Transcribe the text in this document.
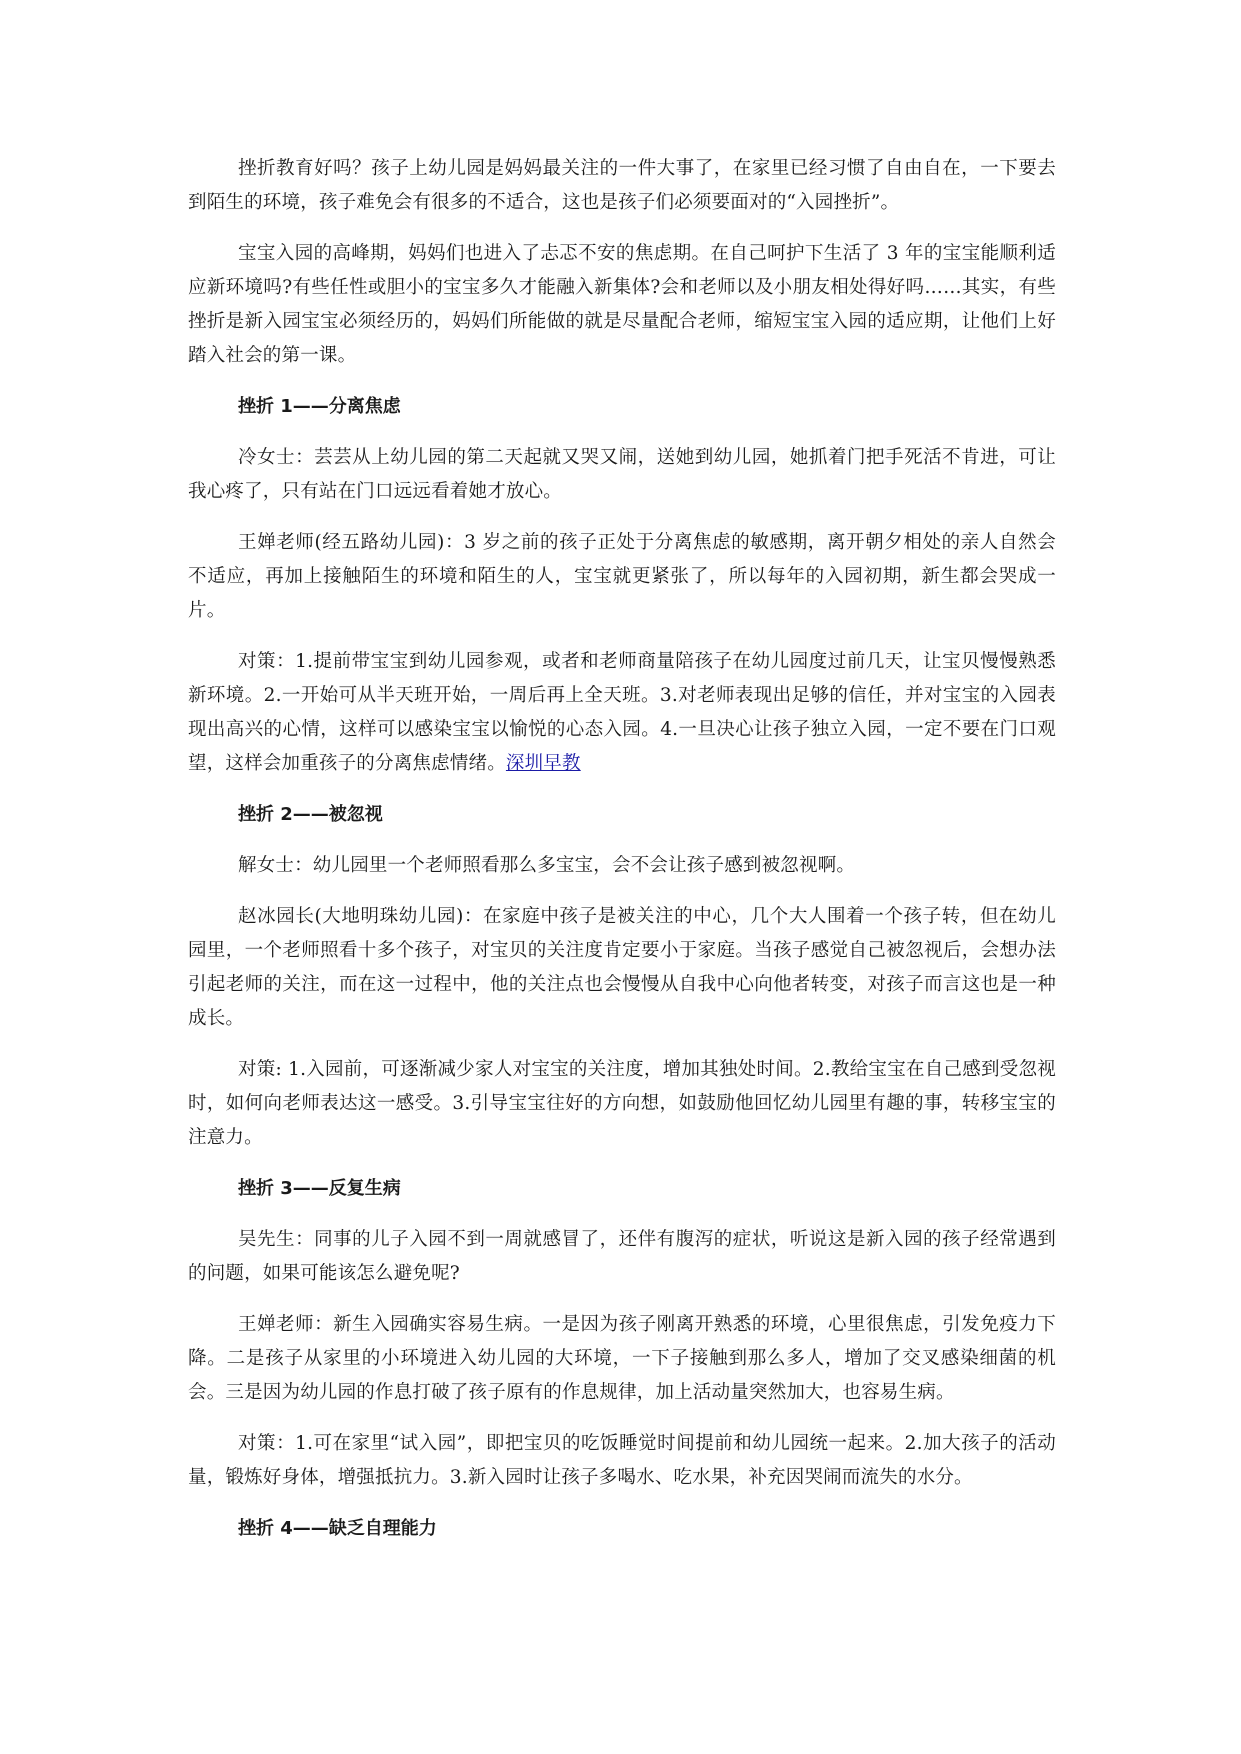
挫折教育好吗？孩子上幼儿园是妈妈最关注的一件大事了，在家里已经习惯了自由自在，一下要去到陌生的环境，孩子难免会有很多的不适合，这也是孩子们必须要面对的“入园挫折”。

宝宝入园的高峰期，妈妈们也进入了忐忑不安的焦虑期。在自己呵护下生活了 3 年的宝宝能顺利适应新环境吗?有些任性或胆小的宝宝多久才能融入新集体?会和老师以及小朋友相处得好吗……其实，有些挫折是新入园宝宝必须经历的，妈妈们所能做的就是尽量配合老师，缩短宝宝入园的适应期，让他们上好踏入社会的第一课。

挫折 1——分离焦虑

冷女士：芸芸从上幼儿园的第二天起就又哭又闹，送她到幼儿园，她抓着门把手死活不肯进，可让我心疼了，只有站在门口远远看着她才放心。

王婵老师(经五路幼儿园)：3 岁之前的孩子正处于分离焦虑的敏感期，离开朝夕相处的亲人自然会不适应，再加上接触陌生的环境和陌生的人，宝宝就更紧张了，所以每年的入园初期，新生都会哭成一片。

对策：1.提前带宝宝到幼儿园参观，或者和老师商量陪孩子在幼儿园度过前几天，让宝贝慢慢熟悉新环境。2.一开始可从半天班开始，一周后再上全天班。3.对老师表现出足够的信任，并对宝宝的入园表现出高兴的心情，这样可以感染宝宝以愉悦的心态入园。4.一旦决心让孩子独立入园，一定不要在门口观望，这样会加重孩子的分离焦虑情绪。深圳早教

挫折 2——被忽视

解女士：幼儿园里一个老师照看那么多宝宝，会不会让孩子感到被忽视啊。

赵冰园长(大地明珠幼儿园)：在家庭中孩子是被关注的中心，几个大人围着一个孩子转，但在幼儿园里，一个老师照看十多个孩子，对宝贝的关注度肯定要小于家庭。当孩子感觉自己被忽视后，会想办法引起老师的关注，而在这一过程中，他的关注点也会慢慢从自我中心向他者转变，对孩子而言这也是一种成长。

对策: 1.入园前，可逐渐减少家人对宝宝的关注度，增加其独处时间。2.教给宝宝在自己感到受忽视时，如何向老师表达这一感受。3.引导宝宝往好的方向想，如鼓励他回忆幼儿园里有趣的事，转移宝宝的注意力。

挫折 3——反复生病

吴先生：同事的儿子入园不到一周就感冒了，还伴有腹泻的症状，听说这是新入园的孩子经常遇到的问题，如果可能该怎么避免呢?

王婵老师：新生入园确实容易生病。一是因为孩子刚离开熟悉的环境，心里很焦虑，引发免疫力下降。二是孩子从家里的小环境进入幼儿园的大环境，一下子接触到那么多人，增加了交叉感染细菌的机会。三是因为幼儿园的作息打破了孩子原有的作息规律，加上活动量突然加大，也容易生病。

对策：1.可在家里“试入园”，即把宝贝的吃饭睡觉时间提前和幼儿园统一起来。2.加大孩子的活动量，锻炼好身体，增强抵抗力。3.新入园时让孩子多喝水、吃水果，补充因哭闹而流失的水分。

挫折 4——缺乏自理能力
